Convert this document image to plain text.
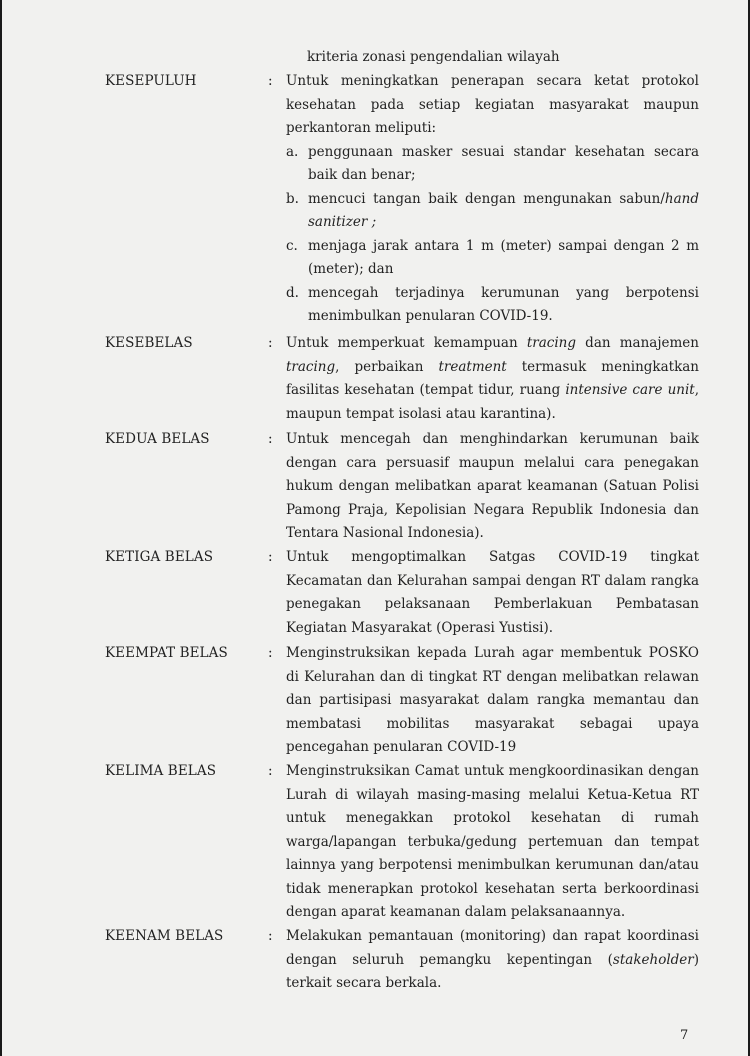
kriteria zonasi pengendalian wilayah
KESEPULUH	: Untuk meningkatkan penerapan secara ketat protokol kesehatan pada setiap kegiatan masyarakat maupun perkantoran meliputi:

a. penggunaan masker sesuai standar kesehatan secara baik dan benar;
b. mencuci tangan baik dengan mengunakan sabun/hand sanitizer ;
c. menjaga jarak antara 1 m (meter) sampai dengan 2 m (meter); dan
d. mencegah terjadinya kerumunan yang berpotensi menimbulkan penularan COVID-19.
KESEBELAS	: Untuk memperkuat kemampuan tracing dan manajemen tracing, perbaikan treatment termasuk meningkatkan fasilitas kesehatan (tempat tidur, ruang intensive care unit, maupun tempat isolasi atau karantina).

KEDUA BELAS	: Untuk mencegah dan menghindarkan kerumunan baik dengan cara persuasif maupun melalui cara penegakan hukum dengan melibatkan aparat keamanan (Satuan Polisi Pamong Praja, Kepolisian Negara Republik Indonesia dan Tentara Nasional Indonesia).

KETIGA BELAS	: Untuk mengoptimalkan Satgas COVID-19 tingkat Kecamatan dan Kelurahan sampai dengan RT dalam rangka penegakan pelaksanaan Pemberlakuan Pembatasan Kegiatan Masyarakat (Operasi Yustisi).

KEEMPAT BELAS	: Menginstruksikan kepada Lurah agar membentuk POSKO di Kelurahan dan di tingkat RT dengan melibatkan relawan dan partisipasi masyarakat dalam rangka memantau dan membatasi mobilitas masyarakat sebagai upaya pencegahan penularan COVID-19

KELIMA BELAS	: Menginstruksikan Camat untuk mengkoordinasikan dengan Lurah di wilayah masing-masing melalui Ketua-Ketua RT untuk menegakkan protokol kesehatan di rumah warga/lapangan terbuka/gedung pertemuan dan tempat lainnya yang berpotensi menimbulkan kerumunan dan/atau tidak menerapkan protokol kesehatan serta berkoordinasi dengan aparat keamanan dalam pelaksanaannya.

KEENAM BELAS	: Melakukan pemantauan (monitoring) dan rapat koordinasi dengan seluruh pemangku kepentingan (stakeholder) terkait secara berkala.

7
